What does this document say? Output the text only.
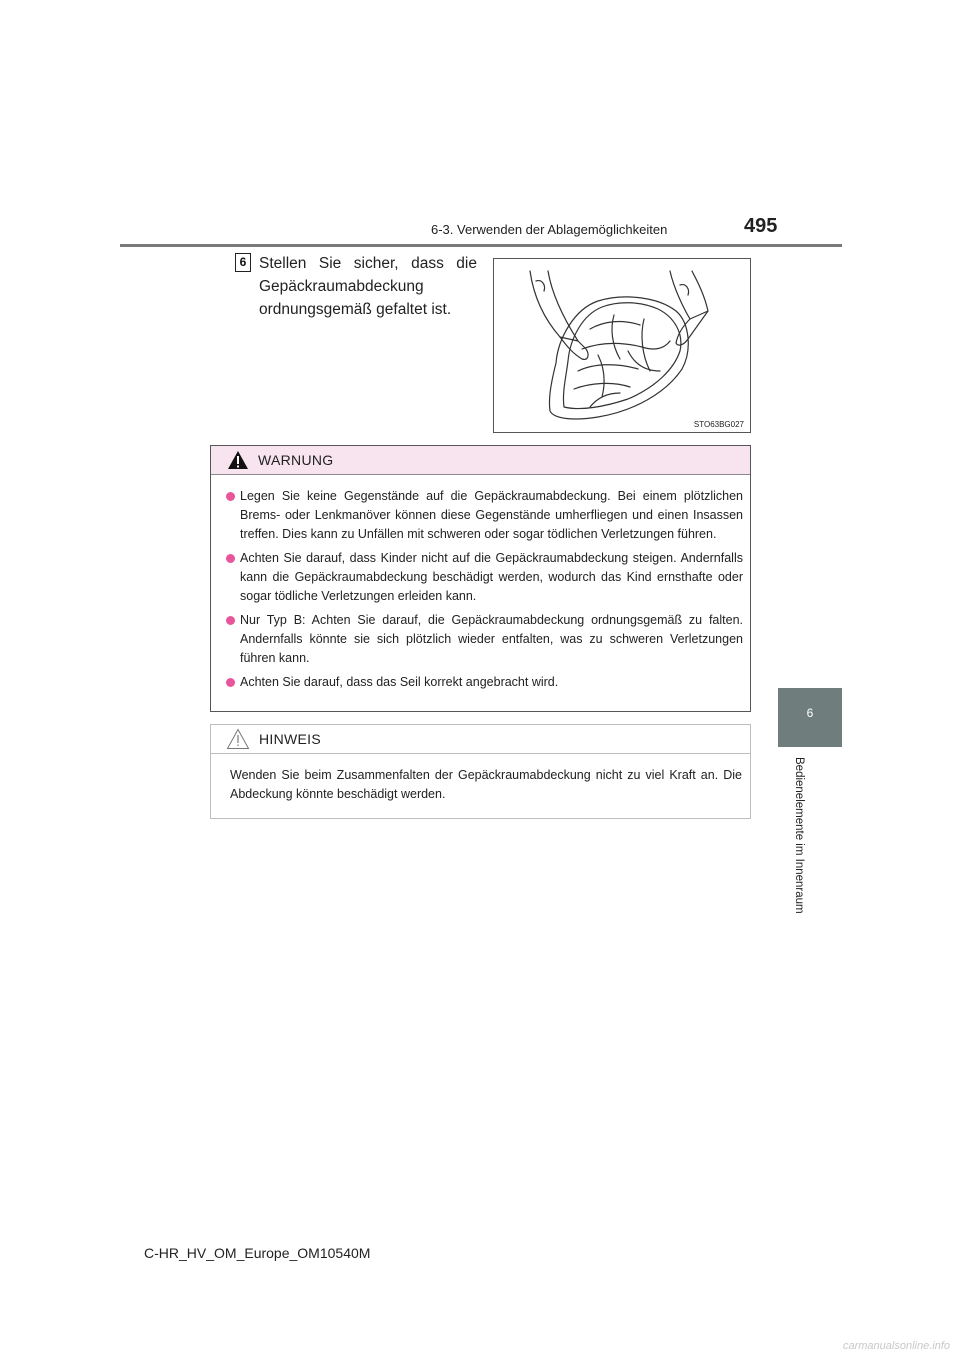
6-3. Verwenden der Ablagemöglichkeiten	495
6
Bedienelemente im Innenraum
6 Stellen Sie sicher, dass die Gepäckraumabdeckung ordnungsgemäß gefaltet ist.
STO63BG027
WARNUNG
Legen Sie keine Gegenstände auf die Gepäckraumabdeckung. Bei einem plötzlichen Brems- oder Lenkmanöver können diese Gegenstände umherfliegen und einen Insassen treffen. Dies kann zu Unfällen mit schweren oder sogar tödlichen Verletzungen führen.
Achten Sie darauf, dass Kinder nicht auf die Gepäckraumabdeckung steigen. Andernfalls kann die Gepäckraumabdeckung beschädigt werden, wodurch das Kind ernsthafte oder sogar tödliche Verletzungen erleiden kann.
Nur Typ B: Achten Sie darauf, die Gepäckraumabdeckung ordnungsgemäß zu falten. Andernfalls könnte sie sich plötzlich wieder entfalten, was zu schweren Verletzungen führen kann.
Achten Sie darauf, dass das Seil korrekt angebracht wird.
HINWEIS
Wenden Sie beim Zusammenfalten der Gepäckraumabdeckung nicht zu viel Kraft an. Die Abdeckung könnte beschädigt werden.
C-HR_HV_OM_Europe_OM10540M
carmanualsonline.info
